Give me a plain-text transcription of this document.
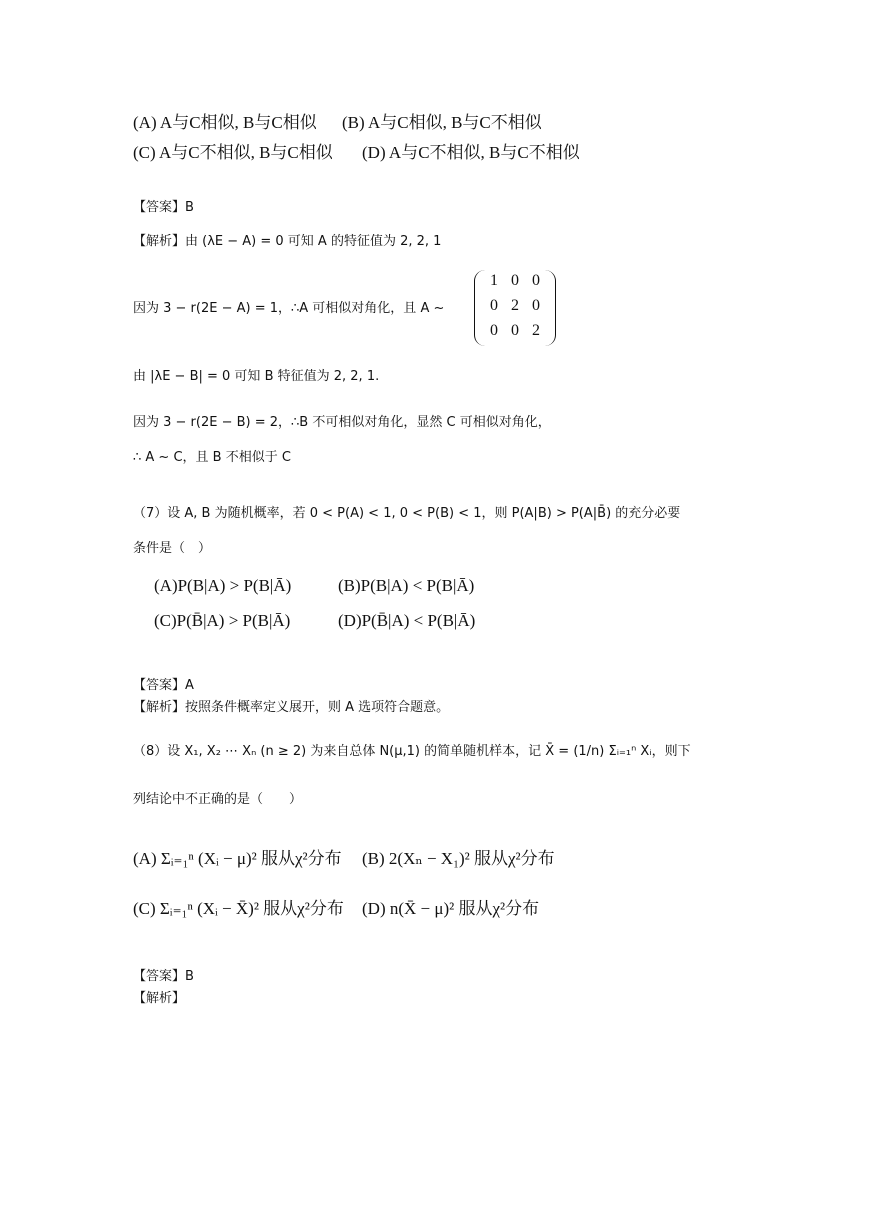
(A) A与C相似, B与C相似 (B) A与C相似, B与C不相似
(C) A与C不相似, B与C相似 (D) A与C不相似, B与C不相似
【答案】B
【解析】由 (λE − A) = 0 可知 A 的特征值为 2, 2, 1
因为 3 − r(2E − A) = 1，∴A 可相似对角化，且 A ~
1 0 0
0 2 0
0 0 2
由 |λE − B| = 0 可知 B 特征值为 2, 2, 1.
因为 3 − r(2E − B) = 2，∴B 不可相似对角化，显然 C 可相似对角化，
∴ A ~ C，且 B 不相似于 C
（7）设 A, B 为随机概率，若 0 < P(A) < 1, 0 < P(B) < 1，则 P(A|B) > P(A|B̄) 的充分必要
条件是（　）
(A)P(B|A) > P(B|Ā)	(B)P(B|A) < P(B|Ā)
(C)P(B̄|A) > P(B|Ā)	(D)P(B̄|A) < P(B|Ā)
【答案】A
【解析】按照条件概率定义展开，则 A 选项符合题意。
（8）设 X₁, X₂ ⋯ Xₙ (n ≥ 2) 为来自总体 N(μ,1) 的简单随机样本，记 X̄ = (1/n) Σᵢ₌₁ⁿ Xᵢ，则下
列结论中不正确的是（　　）
(A) Σᵢ₌₁ⁿ (Xᵢ − μ)² 服从χ²分布 (B) 2(Xₙ − X₁)² 服从χ²分布
(C) Σᵢ₌₁ⁿ (Xᵢ − X̄)² 服从χ²分布 (D) n(X̄ − μ)² 服从χ²分布
【答案】B
【解析】
